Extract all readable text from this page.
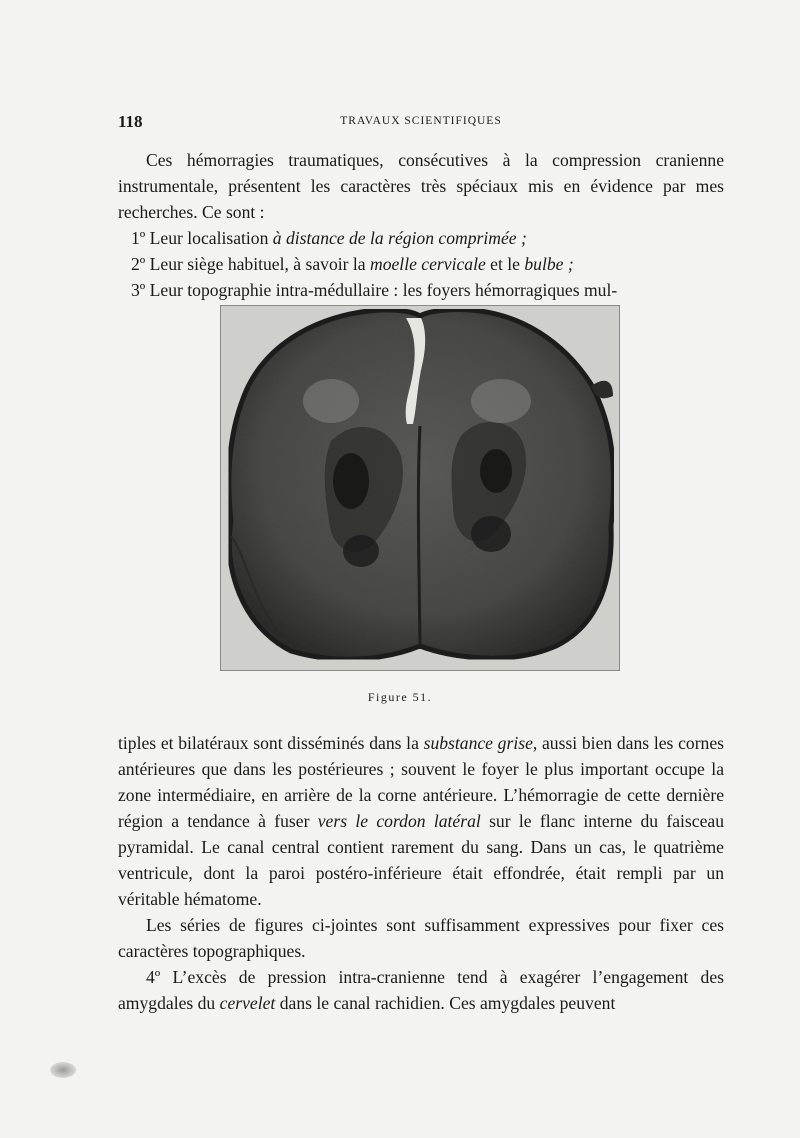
118	TRAVAUX SCIENTIFIQUES

Ces hémorragies traumatiques, consécutives à la compression cranienne instrumentale, présentent les caractères très spéciaux mis en évidence par mes recherches. Ce sont :

1º Leur localisation à distance de la région comprimée ;

2º Leur siège habituel, à savoir la moelle cervicale et le bulbe ;

3º Leur topographie intra-médullaire : les foyers hémorragiques mul-

Figure 51.

tiples et bilatéraux sont disséminés dans la substance grise, aussi bien dans les cornes antérieures que dans les postérieures ; souvent le foyer le plus important occupe la zone intermédiaire, en arrière de la corne antérieure. L’hémorragie de cette dernière région a tendance à fuser vers le cordon latéral sur le flanc interne du faisceau pyramidal. Le canal central contient rarement du sang. Dans un cas, le quatrième ventricule, dont la paroi postéro-inférieure était effondrée, était rempli par un véritable hématome.

Les séries de figures ci-jointes sont suffisamment expressives pour fixer ces caractères topographiques.

4º L’excès de pression intra-cranienne tend à exagérer l’engagement des amygdales du cervelet dans le canal rachidien. Ces amygdales peuvent
